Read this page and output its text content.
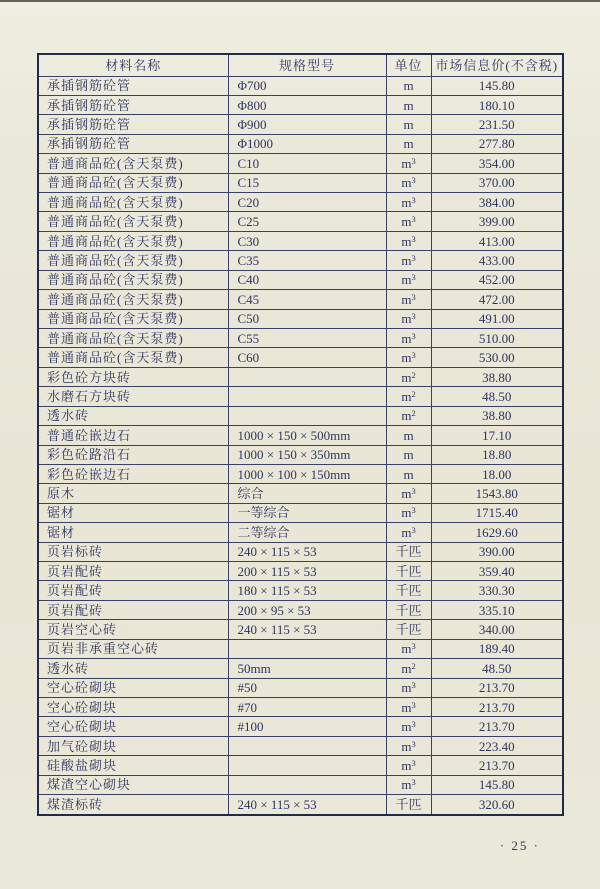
材料名称	规格型号	单位	市场信息价(不含税)
承插钢筋砼管	Φ700	m	145.80
承插钢筋砼管	Φ800	m	180.10
承插钢筋砼管	Φ900	m	231.50
承插钢筋砼管	Φ1000	m	277.80
普通商品砼(含天泵费)	C10	$m^3$	354.00
普通商品砼(含天泵费)	C15	$m^3$	370.00
普通商品砼(含天泵费)	C20	$m^3$	384.00
普通商品砼(含天泵费)	C25	$m^3$	399.00
普通商品砼(含天泵费)	C30	$m^3$	413.00
普通商品砼(含天泵费)	C35	$m^3$	433.00
普通商品砼(含天泵费)	C40	$m^3$	452.00
普通商品砼(含天泵费)	C45	$m^3$	472.00
普通商品砼(含天泵费)	C50	$m^3$	491.00
普通商品砼(含天泵费)	C55	$m^3$	510.00
普通商品砼(含天泵费)	C60	$m^3$	530.00
彩色砼方块砖		$m^2$	38.80
水磨石方块砖		$m^2$	48.50
透水砖		$m^2$	38.80
普通砼嵌边石	1000 × 150 × 500mm	m	17.10
彩色砼路沿石	1000 × 150 × 350mm	m	18.80
彩色砼嵌边石	1000 × 100 × 150mm	m	18.00
原木	综合	$m^3$	1543.80
锯材	一等综合	$m^3$	1715.40
锯材	二等综合	$m^3$	1629.60
页岩标砖	240 × 115 × 53	千匹	390.00
页岩配砖	200 × 115 × 53	千匹	359.40
页岩配砖	180 × 115 × 53	千匹	330.30
页岩配砖	200 × 95 × 53	千匹	335.10
页岩空心砖	240 × 115 × 53	千匹	340.00
页岩非承重空心砖		$m^3$	189.40
透水砖	50mm	$m^2$	48.50
空心砼砌块	#50	$m^3$	213.70
空心砼砌块	#70	$m^3$	213.70
空心砼砌块	#100	$m^3$	213.70
加气砼砌块		$m^3$	223.40
硅酸盐砌块		$m^3$	213.70
煤渣空心砌块		$m^3$	145.80
煤渣标砖	240 × 115 × 53	千匹	320.60
· 25 ·
